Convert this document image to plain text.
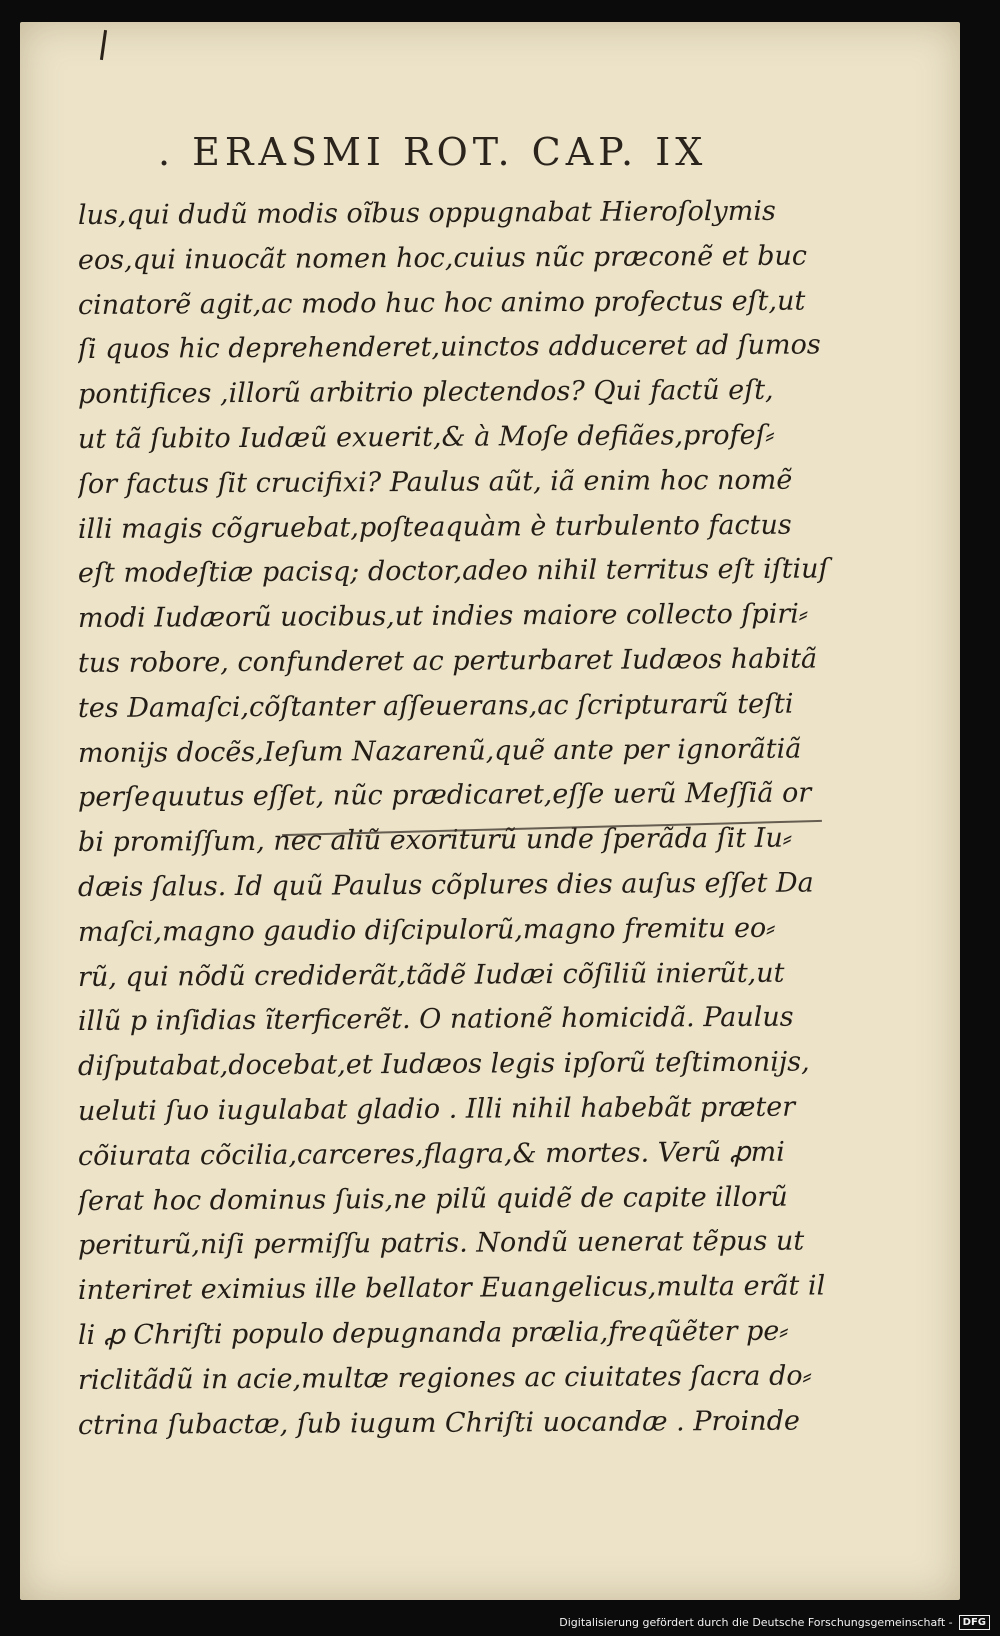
. ERASMI ROT. CAP. IX
lus,qui dudũ modis oĩbus oppugnabat Hieroſolymis
eos,qui inuocãt nomen hoc,cuius nũc præconẽ et buc
cinatorẽ agit,ac modo huc hoc animo profectus eſt,ut
ſi quos hic deprehenderet,uinctos adduceret ad ſumos
pontifices ,illorũ arbitrio plectendos? Qui factũ eſt,
ut tã ſubito Iudæũ exuerit,& à Moſe defiães,profeſ⸗
ſor factus ſit crucifixi? Paulus aũt, iã enim hoc nomẽ
illi magis cõgruebat,poſteaquàm è turbulento factus
eſt modeſtiæ pacisq; doctor,adeo nihil territus eſt iſtiuſ
modi Iudæorũ uocibus,ut indies maiore collecto ſpiri⸗
tus robore, confunderet ac perturbaret Iudæos habitã
tes Damaſci,cõſtanter aſſeuerans,ac ſcripturarũ teſti
monijs docẽs,Ieſum Nazarenũ,quẽ ante per ignorãtiã
perſequutus eſſet, nũc prædicaret,eſſe uerũ Meſſiã or
bi promiſſum, nec aliũ exoriturũ unde ſperãda ſit Iu⸗
dæis ſalus. Id quũ Paulus cõplures dies auſus eſſet Da
maſci,magno gaudio diſcipulorũ,magno fremitu eo⸗
rũ, qui nõdũ crediderãt,tãdẽ Iudæi cõſiliũ inierũt,ut
illũ p inſidias ĩterficerẽt. O nationẽ homicidã. Paulus
diſputabat,docebat,et Iudæos legis ipſorũ teſtimonijs,
ueluti ſuo iugulabat gladio . Illi nihil habebãt præter
cõiurata cõcilia,carceres,flagra,& mortes. Verũ ꝓmi
ſerat hoc dominus ſuis,ne pilũ quidẽ de capite illorũ
periturũ,niſi permiſſu patris. Nondũ uenerat tẽpus ut
interiret eximius ille bellator Euangelicus,multa erãt il
li ꝓ Chriſti populo depugnanda prælia,freqũẽter pe⸗
riclitãdũ in acie,multæ regiones ac ciuitates ſacra do⸗
ctrina ſubactæ, ſub iugum Chriſti uocandæ . Proinde
Digitalisierung gefördert durch die Deutsche Forschungsgemeinschaft -	DFG
